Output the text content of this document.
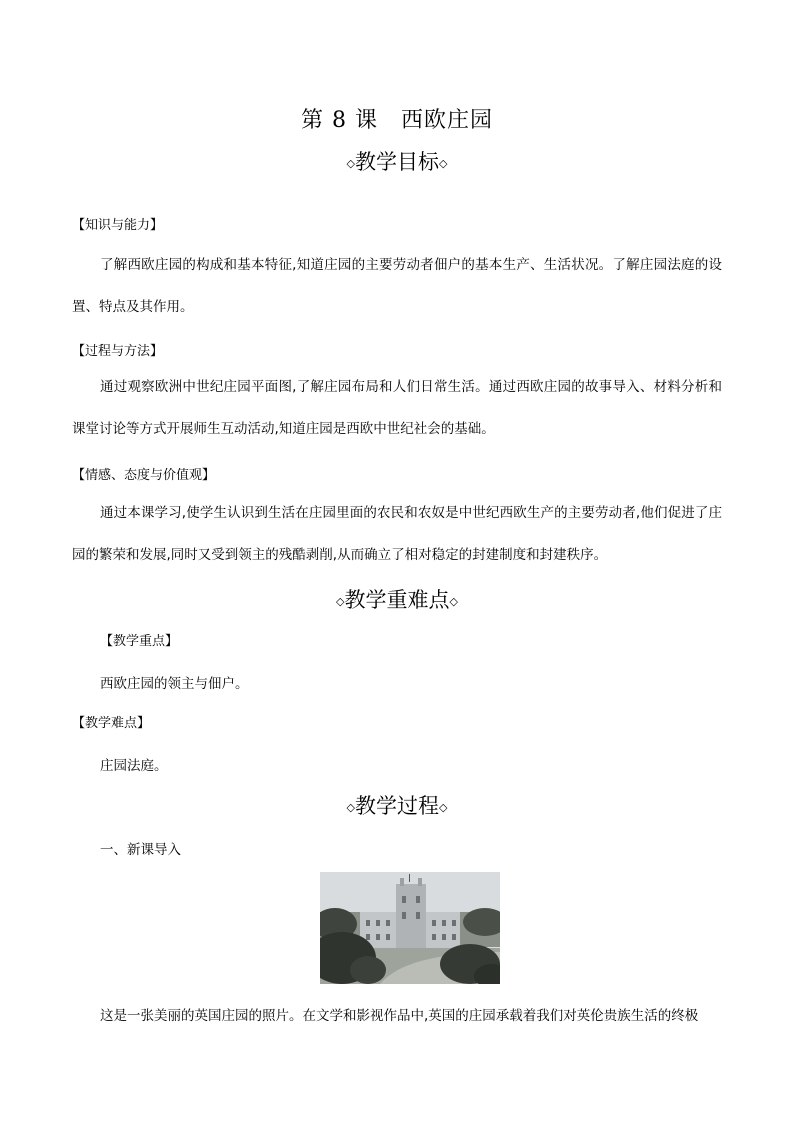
第 8 课　西欧庄园
◇教学目标◇
【知识与能力】
了解西欧庄园的构成和基本特征,知道庄园的主要劳动者佃户的基本生产、生活状况。了解庄园法庭的设置、特点及其作用。
【过程与方法】
通过观察欧洲中世纪庄园平面图,了解庄园布局和人们日常生活。通过西欧庄园的故事导入、材料分析和课堂讨论等方式开展师生互动活动,知道庄园是西欧中世纪社会的基础。
【情感、态度与价值观】
通过本课学习,使学生认识到生活在庄园里面的农民和农奴是中世纪西欧生产的主要劳动者,他们促进了庄园的繁荣和发展,同时又受到领主的残酷剥削,从而确立了相对稳定的封建制度和封建秩序。
◇教学重难点◇
【教学重点】
西欧庄园的领主与佃户。
【教学难点】
庄园法庭。
◇教学过程◇
一、新课导入
这是一张美丽的英国庄园的照片。在文学和影视作品中,英国的庄园承载着我们对英伦贵族生活的终极
